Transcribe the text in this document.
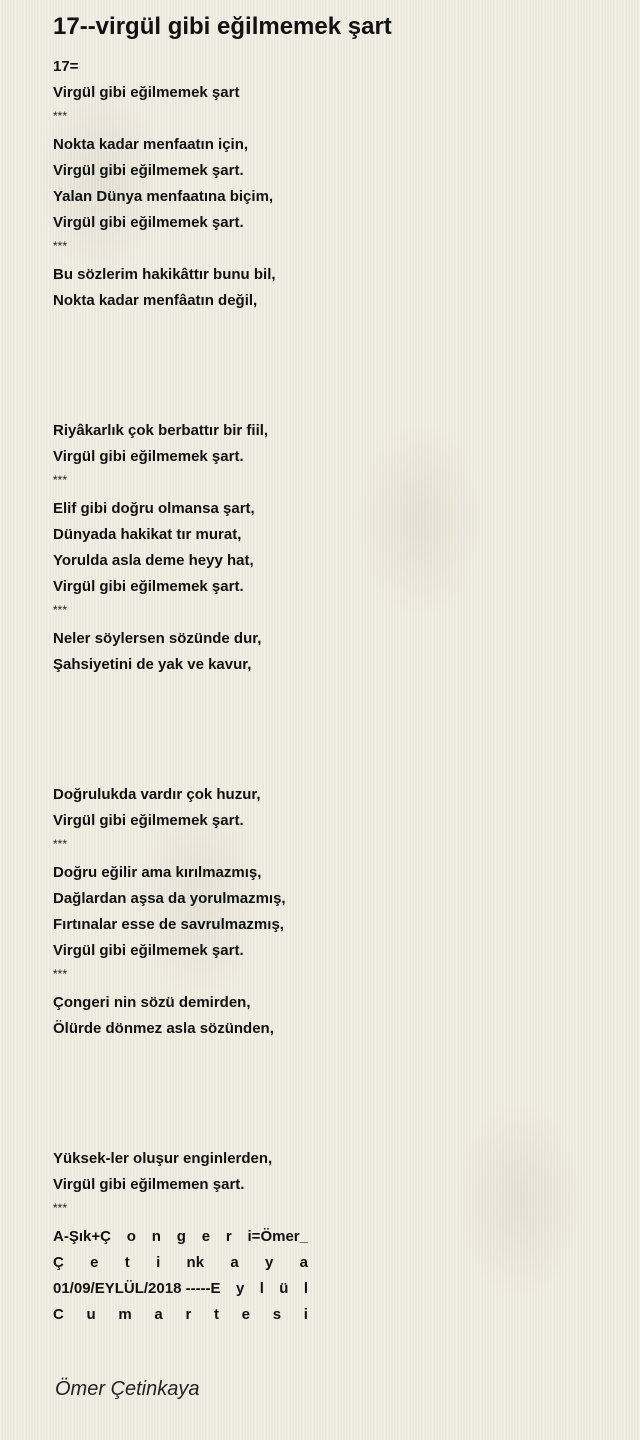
17--virgül gibi eğilmemek şart
17=
Virgül gibi eğilmemek şart
***
Nokta kadar menfaatın için,
Virgül gibi eğilmemek şart.
Yalan Dünya menfaatına biçim,
Virgül gibi eğilmemek şart.
***
Bu sözlerim hakikâttır bunu bil,
Nokta kadar menfâatın değil,
Riyâkarlık çok berbattır bir fiil,
Virgül gibi eğilmemek şart.
***
Elif gibi doğru olmansa şart,
Dünyada hakikat tır murat,
Yorulda asla deme heyy hat,
Virgül gibi eğilmemek şart.
***
Neler söylersen sözünde dur,
Şahsiyetini de yak ve kavur,
Doğrulukda vardır çok huzur,
Virgül gibi eğilmemek şart.
***
Doğru eğilir ama kırılmazmış,
Dağlardan aşsa da yorulmazmış,
Fırtınalar esse de savrulmazmış,
Virgül gibi eğilmemek şart.
***
Çongeri nin sözü demirden,
Ölürde dönmez asla sözünden,
Yüksek-ler oluşur enginlerden,
Virgül gibi eğilmemen şart.
***
A-Şık+Ç o n g e r i=Ömer_
Ç e t i nk a y a
01/09/EYLÜL/2018 -----E y l ü l
C u m a r t e s i
Ömer Çetinkaya
